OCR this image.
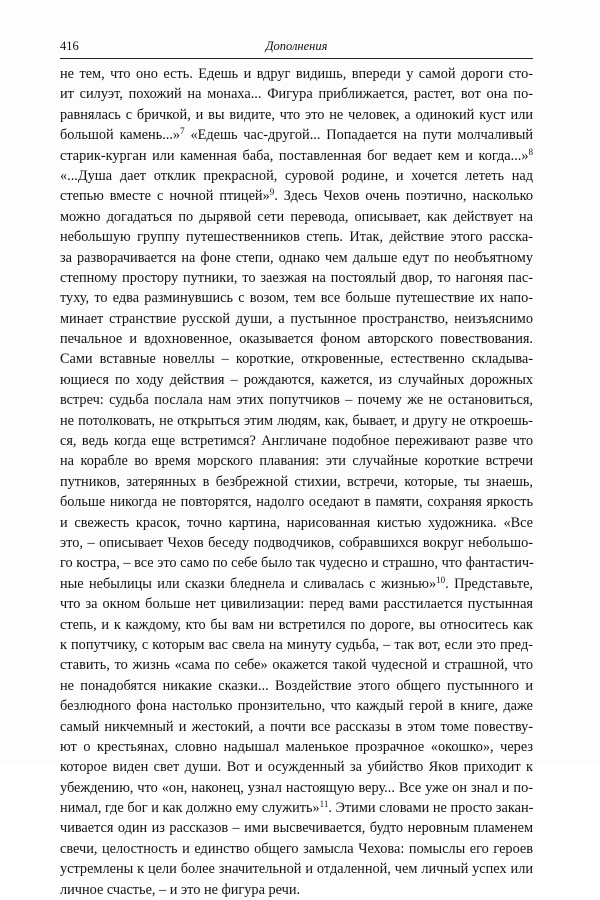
416	Дополнения
не тем, что оно есть. Едешь и вдруг видишь, впереди у самой дороги сто-
ит силуэт, похожий на монаха... Фигура приближается, растет, вот она по-
равнялась с бричкой, и вы видите, что это не человек, а одинокий куст или
большой камень...»$^7$ «Едешь час-другой... Попадается на пути молчаливый
старик-курган или каменная баба, поставленная бог ведает кем и когда...»$^8$
«...Душа дает отклик прекрасной, суровой родине, и хочется лететь над
степью вместе с ночной птицей»$^9$. Здесь Чехов очень поэтично, насколько
можно догадаться по дырявой сети перевода, описывает, как действует на
небольшую группу путешественников степь. Итак, действие этого расска-
за разворачивается на фоне степи, однако чем дальше едут по необъятному
степному простору путники, то заезжая на постоялый двор, то нагоняя пас-
туху, то едва разминувшись с возом, тем все больше путешествие их напо-
минает странствие русской души, а пустынное пространство, неизъяснимо
печальное и вдохновенное, оказывается фоном авторского повествования.
Сами вставные новеллы – короткие, откровенные, естественно складыва-
ющиеся по ходу действия – рождаются, кажется, из случайных дорожных
встреч: судьба послала нам этих попутчиков – почему же не остановиться,
не потолковать, не открыться этим людям, как, бывает, и другу не откроешь-
ся, ведь когда еще встретимся? Англичане подобное переживают разве что
на корабле во время морского плавания: эти случайные короткие встречи
путников, затерянных в безбрежной стихии, встречи, которые, ты знаешь,
больше никогда не повторятся, надолго оседают в памяти, сохраняя яркость
и свежесть красок, точно картина, нарисованная кистью художника. «Все
это, – описывает Чехов беседу подводчиков, собравшихся вокруг небольшо-
го костра, – все это само по себе было так чудесно и страшно, что фантастич-
ные небылицы или сказки бледнела и сливалась с жизнью»$^{10}$. Представьте,
что за окном больше нет цивилизации: перед вами расстилается пустынная
степь, и к каждому, кто бы вам ни встретился по дороге, вы относитесь как
к попутчику, с которым вас свела на минуту судьба, – так вот, если это пред-
ставить, то жизнь «сама по себе» окажется такой чудесной и страшной, что
не понадобятся никакие сказки... Воздействие этого общего пустынного и
безлюдного фона настолько пронзительно, что каждый герой в книге, даже
самый никчемный и жестокий, а почти все рассказы в этом томе повеству-
ют о крестьянах, словно надышал маленькое прозрачное «окошко», через
которое виден свет души. Вот и осужденный за убийство Яков приходит к
убеждению, что «он, наконец, узнал настоящую веру... Все уже он знал и по-
нимал, где бог и как должно ему служить»$^{11}$. Этими словами не просто закан-
чивается один из рассказов – ими высвечивается, будто неровным пламенем
свечи, целостность и единство общего замысла Чехова: помыслы его героев
устремлены к цели более значительной и отдаленной, чем личный успех или
личное счастье, – и это не фигура речи.
